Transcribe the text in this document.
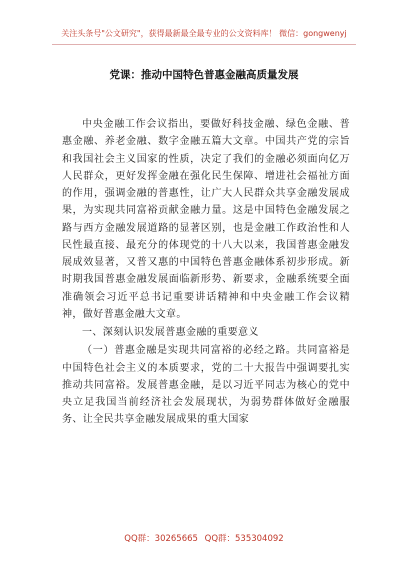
关注头条号"公文研究"，获得最新最全最专业的公文资料库！ 微信：gongwenyj
党课：推动中国特色普惠金融高质量发展

中央金融工作会议指出，要做好科技金融、绿色金融、普惠金融、养老金融、数字金融五篇大文章。中国共产党的宗旨和我国社会主义国家的性质，决定了我们的金融必须面向亿万人民群众，更好发挥金融在强化民生保障、增进社会福祉方面的作用，强调金融的普惠性，让广大人民群众共享金融发展成果，为实现共同富裕贡献金融力量。这是中国特色金融发展之路与西方金融发展道路的显著区别，也是金融工作政治性和人民性最直接、最充分的体现党的十八大以来，我国普惠金融发展成效显著，又普又惠的中国特色普惠金融体系初步形成。新时期我国普惠金融发展面临新形势、新要求，金融系统要全面准确领会习近平总书记重要讲话精神和中央金融工作会议精神，做好普惠金融大文章。

一、深刻认识发展普惠金融的重要意义

（一）普惠金融是实现共同富裕的必经之路。共同富裕是中国特色社会主义的本质要求，党的二十大报告中强调要扎实推动共同富裕。发展普惠金融，是以习近平同志为核心的党中央立足我国当前经济社会发展现状，为弱势群体做好金融服务、让全民共享金融发展成果的重大国家

QQ群：30265665 QQ群：535304092
